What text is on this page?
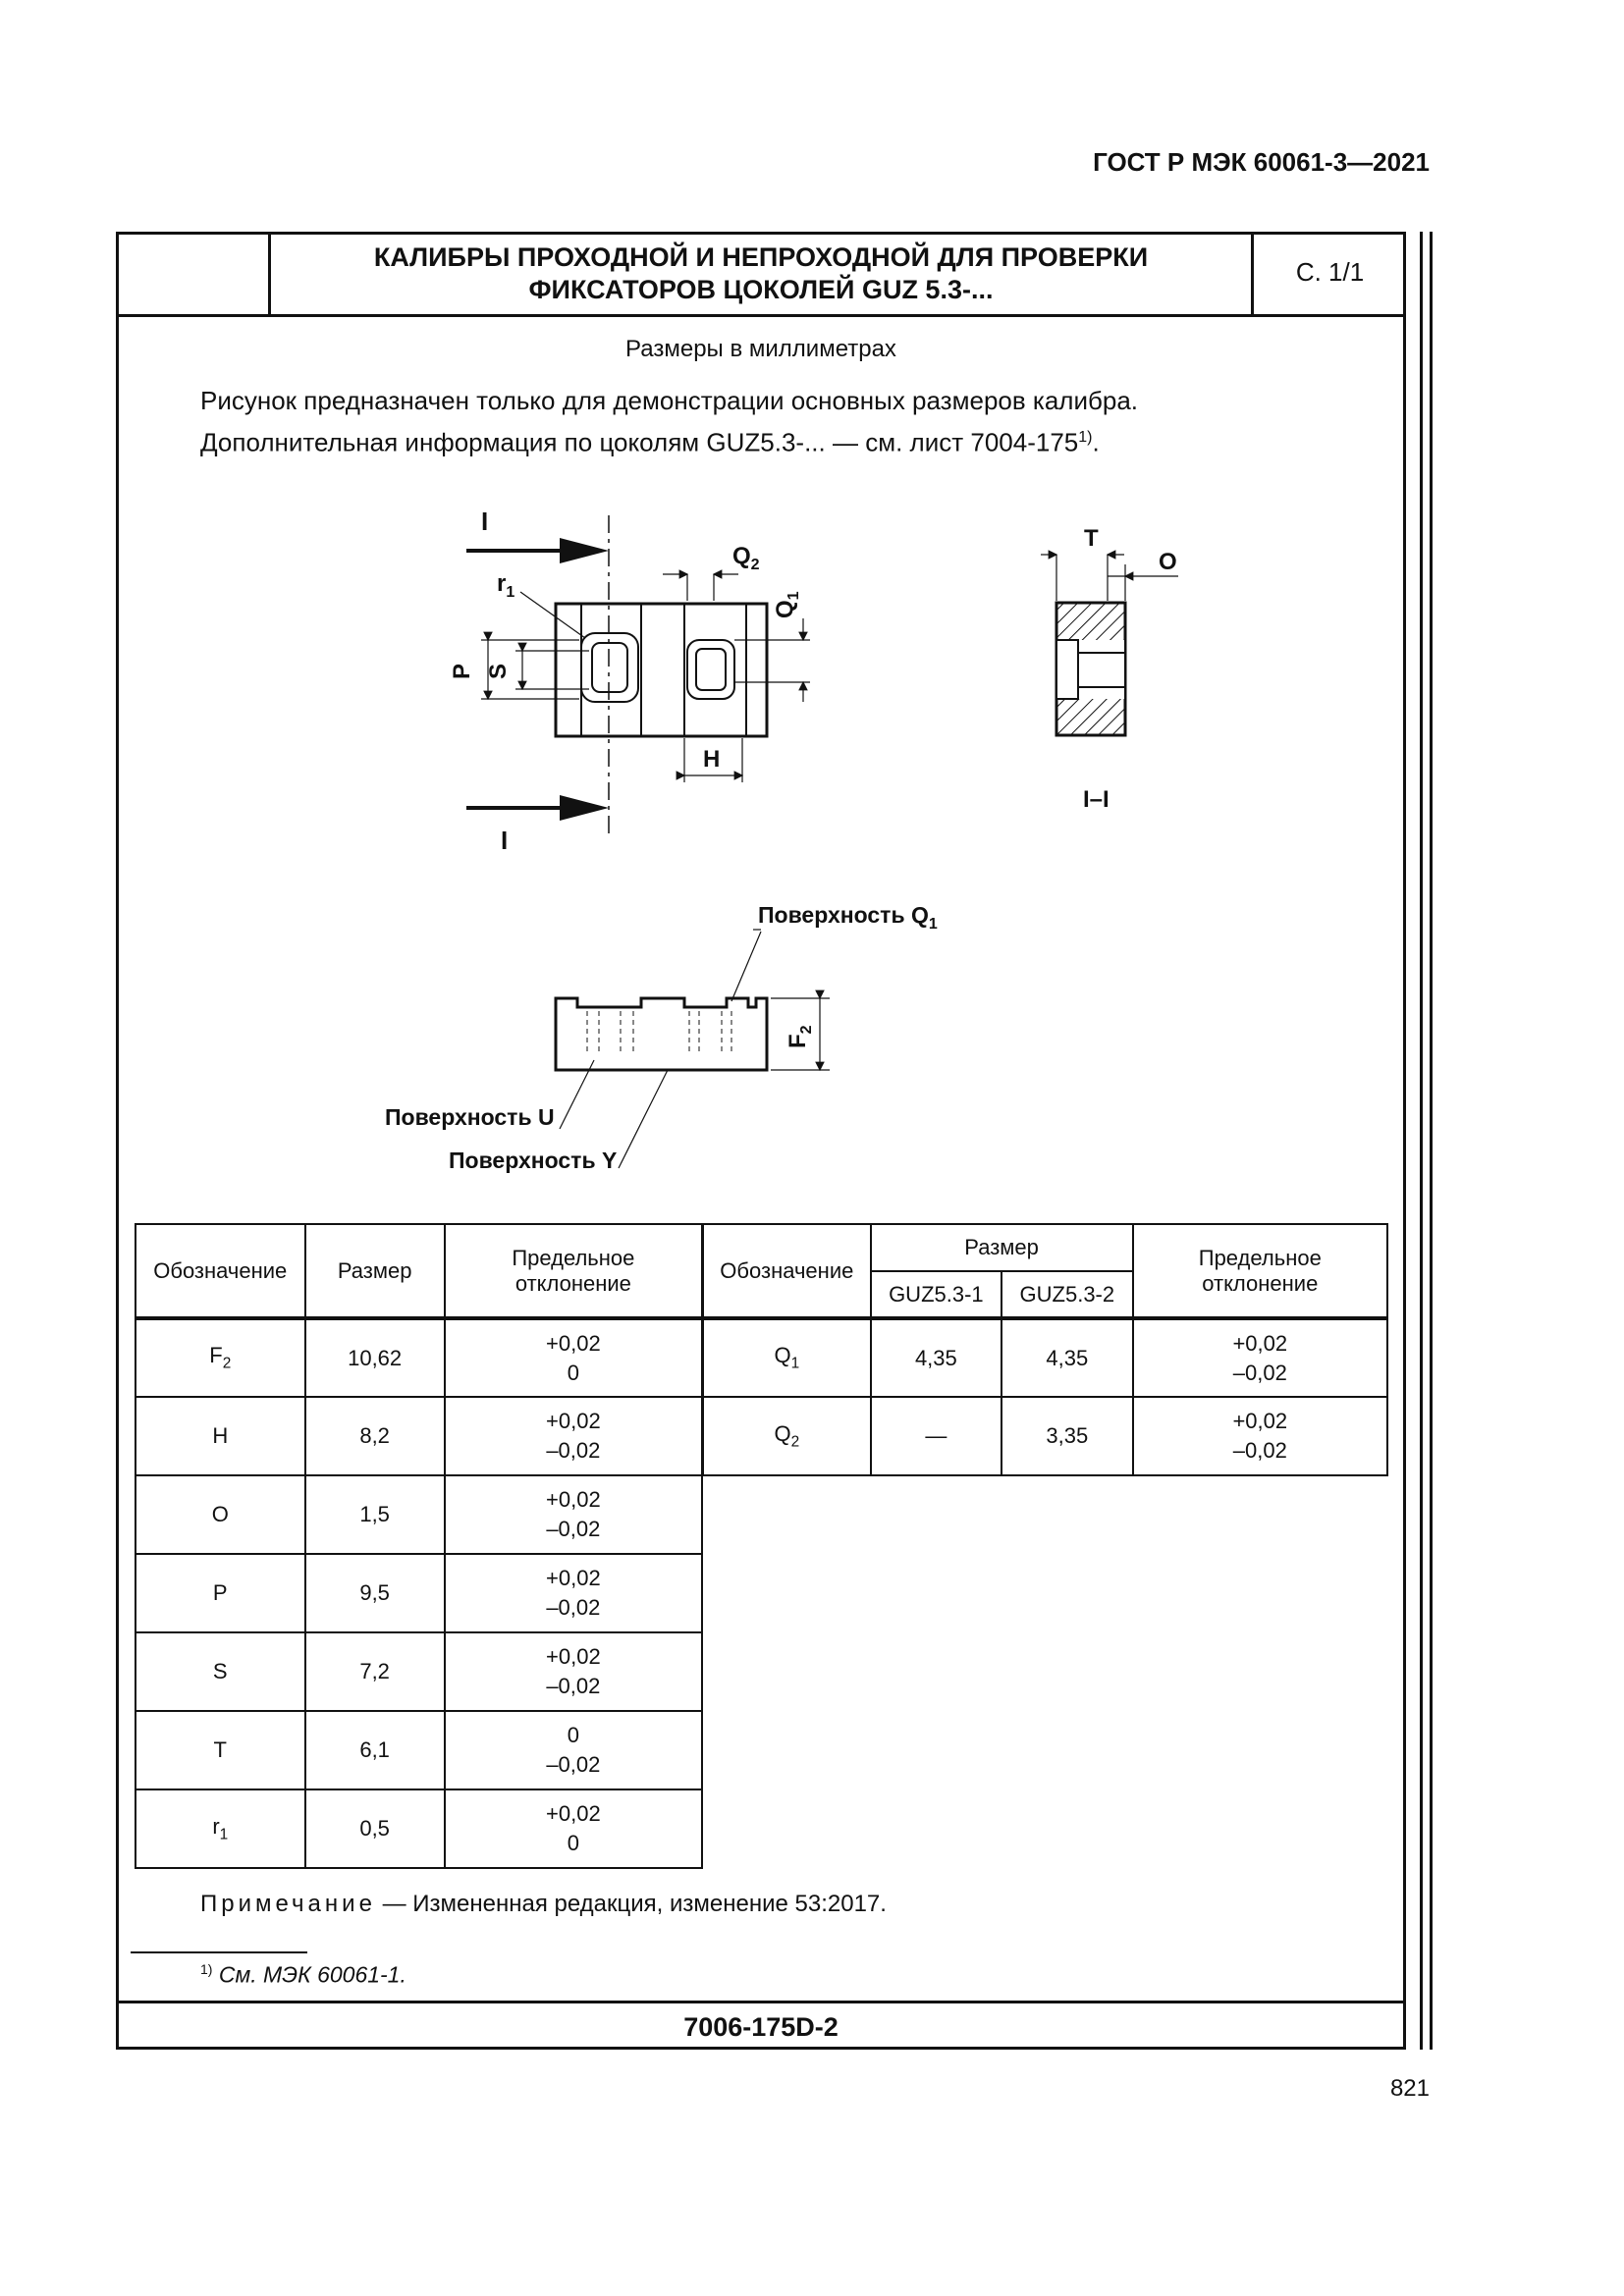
ГОСТ Р МЭК 60061-3—2021
КАЛИБРЫ ПРОХОДНОЙ И НЕПРОХОДНОЙ ДЛЯ ПРОВЕРКИ
ФИКСАТОРОВ ЦОКОЛЕЙ GUZ 5.3-...
С. 1/1
Размеры в миллиметрах
Рисунок предназначен только для демонстрации основных размеров калибра.
Дополнительная информация по цоколям GUZ5.3-... — см. лист 7004-175$^{1)}$.
I
I
I–I
$r_1$
P S
$Q_2$
$Q_1$
H
T
O
$F_2$
Поверхность $Q_1$
Поверхность U
Поверхность Y
Обозначение	Размер	Предельное отклонение
$F_2$	10,62	+0,02
0

H	8,2	+0,02
–0,02

O	1,5	+0,02
–0,02

P	9,5	+0,02
–0,02

S	7,2	+0,02
–0,02

T	6,1	0
–0,02

$r_1$	0,5	+0,02
0
Обозначение	Размер		Предельное отклонение
	GUZ5.3-1	GUZ5.3-2	
$Q_1$	4,35	4,35	+0,02
–0,02

$Q_2$	—	3,35	+0,02
–0,02
Примечание — Измененная редакция, изменение 53:2017.
$^{1)}$ См. МЭК 60061-1.
7006-175D-2
821
